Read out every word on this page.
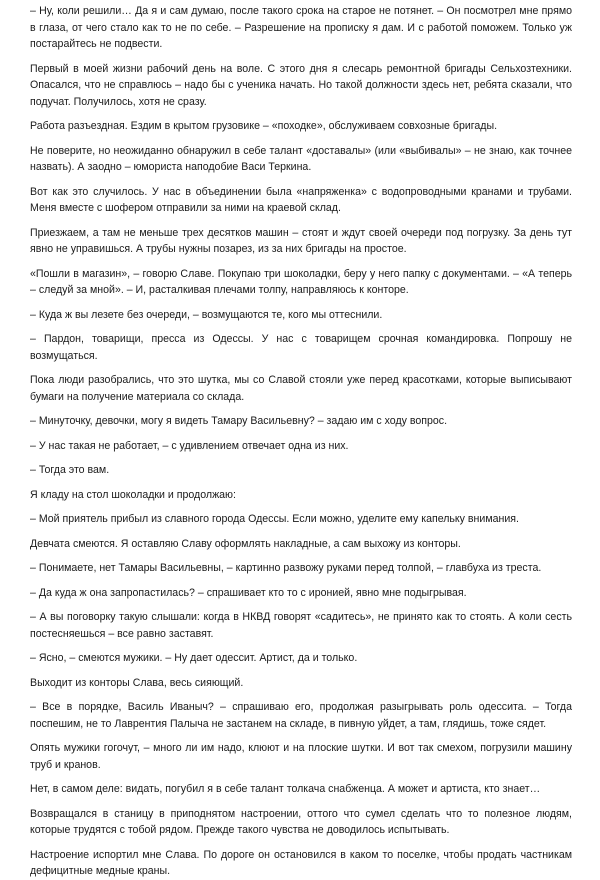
– Ну, коли решили… Да я и сам думаю, после такого срока на старое не потянет. – Он посмотрел мне прямо в глаза, от чего стало как то не по себе. – Разрешение на прописку я дам. И с работой поможем. Только уж постарайтесь не подвести.

Первый в моей жизни рабочий день на воле. С этого дня я слесарь ремонтной бригады Сельхозтехники. Опасался, что не справлюсь – надо бы с ученика начать. Но такой должности здесь нет, ребята сказали, что подучат. Получилось, хотя не сразу.

Работа разъездная. Ездим в крытом грузовике – «походке», обслуживаем совхозные бригады.

Не поверите, но неожиданно обнаружил в себе талант «доставалы» (или «выбивалы» – не знаю, как точнее назвать). А заодно – юмориста наподобие Васи Теркина.

Вот как это случилось. У нас в объединении была «напряженка» с водопроводными кранами и трубами. Меня вместе с шофером отправили за ними на краевой склад.

Приезжаем, а там не меньше трех десятков машин – стоят и ждут своей очереди под погрузку. За день тут явно не управишься. А трубы нужны позарез, из за них бригады на простое.

«Пошли в магазин», – говорю Славе. Покупаю три шоколадки, беру у него папку с документами. – «А теперь – следуй за мной». – И, расталкивая плечами толпу, направляюсь к конторе.

– Куда ж вы лезете без очереди, – возмущаются те, кого мы оттеснили.

– Пардон, товарищи, пресса из Одессы. У нас с товарищем срочная командировка. Попрошу не возмущаться.

Пока люди разобрались, что это шутка, мы со Славой стояли уже перед красотками, которые выписывают бумаги на получение материала со склада.

– Минуточку, девочки, могу я видеть Тамару Васильевну? – задаю им с ходу вопрос.

– У нас такая не работает, – с удивлением отвечает одна из них.

– Тогда это вам.

Я кладу на стол шоколадки и продолжаю:

– Мой приятель прибыл из славного города Одессы. Если можно, уделите ему капельку внимания.

Девчата смеются. Я оставляю Славу оформлять накладные, а сам выхожу из конторы.

– Понимаете, нет Тамары Васильевны, – картинно развожу руками перед толпой, – главбуха из треста.

– Да куда ж она запропастилась? – спрашивает кто то с иронией, явно мне подыгрывая.

– А вы поговорку такую слышали: когда в НКВД говорят «садитесь», не принято как то стоять. А коли сесть постесняешься – все равно заставят.

– Ясно, – смеются мужики. – Ну дает одессит. Артист, да и только.

Выходит из конторы Слава, весь сияющий.

– Все в порядке, Василь Иваныч? – спрашиваю его, продолжая разыгрывать роль одессита. – Тогда поспешим, не то Лаврентия Палыча не застанем на складе, в пивную уйдет, а там, глядишь, тоже сядет.

Опять мужики гогочут, – много ли им надо, клюют и на плоские шутки. И вот так смехом, погрузили машину труб и кранов.

Нет, в самом деле: видать, погубил я в себе талант толкача снабженца. А может и артиста, кто знает…

Возвращался в станицу в приподнятом настроении, оттого что сумел сделать что то полезное людям, которые трудятся с тобой рядом. Прежде такого чувства не доводилось испытывать.

Настроение испортил мне Слава. По дороге он остановился в каком то поселке, чтобы продать частникам дефицитные медные краны.
